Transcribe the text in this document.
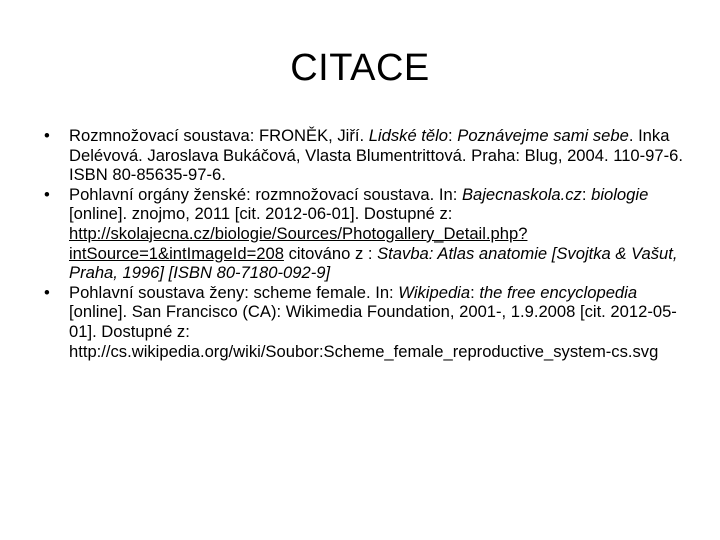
CITACE
•	Rozmnožovací soustava: FRONĚK, Jiří. Lidské tělo: Poznávejme sami sebe. Inka Delévová. Jaroslava Bukáčová, Vlasta Blumentrittová. Praha: Blug, 2004. 110-97-6. ISBN 80-85635-97-6.
•	Pohlavní orgány ženské: rozmnožovací soustava. In: Bajecnaskola.cz: biologie [online]. znojmo, 2011 [cit. 2012-06-01]. Dostupné z: http://skolajecna.cz/biologie/Sources/Photogallery_Detail.php?intSource=1&intImageId=208 citováno z : Stavba: Atlas anatomie [Svojtka & Vašut, Praha, 1996] [ISBN 80-7180-092-9]
•	Pohlavní soustava ženy: scheme female. In: Wikipedia: the free encyclopedia [online]. San Francisco (CA): Wikimedia Foundation, 2001-, 1.9.2008 [cit. 2012-05-01]. Dostupné z: http://cs.wikipedia.org/wiki/Soubor:Scheme_female_reproductive_system-cs.svg
